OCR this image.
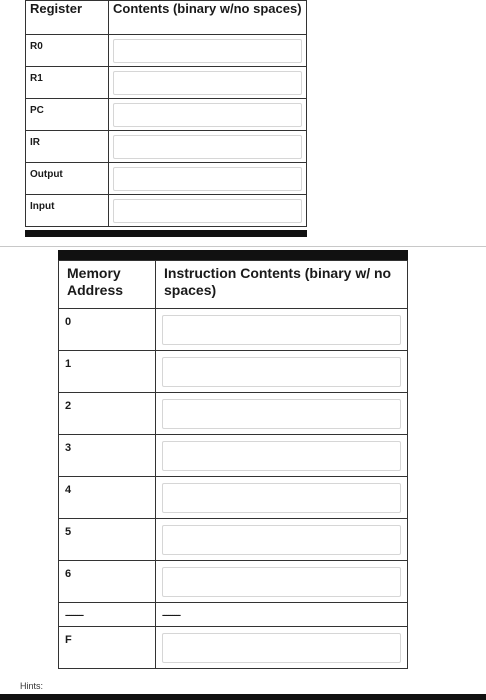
Register	Contents (binary w/no spaces)
R0	
R1	
PC	
IR	
Output	
Input	
Memory Address	Instruction Contents (binary w/ no spaces)
0	
1	
2	
3	
4	
5	
6	
---------	---------
F	
Hints:
